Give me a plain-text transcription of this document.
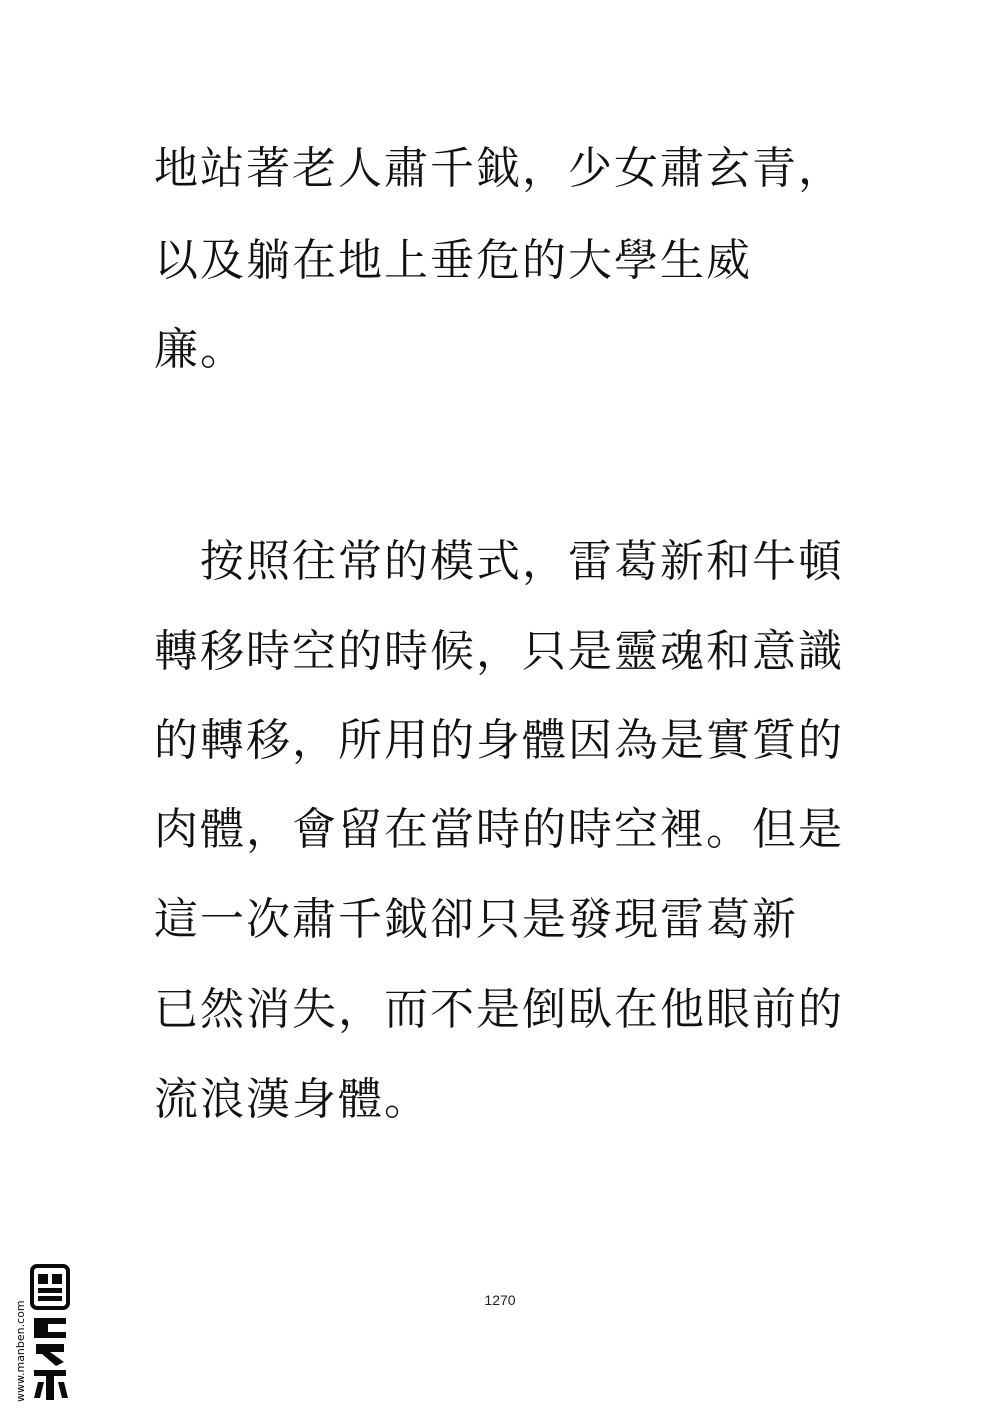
地站著老人肅千鉞，少女肅玄青，
以及躺在地上垂危的大學生威
廉。
　按照往常的模式，雷葛新和牛頓
轉移時空的時候，只是靈魂和意識
的轉移，所用的身體因為是實質的
肉體，會留在當時的時空裡。但是
這一次肅千鉞卻只是發現雷葛新
已然消失，而不是倒臥在他眼前的
流浪漢身體。
1270
www.manben.com
